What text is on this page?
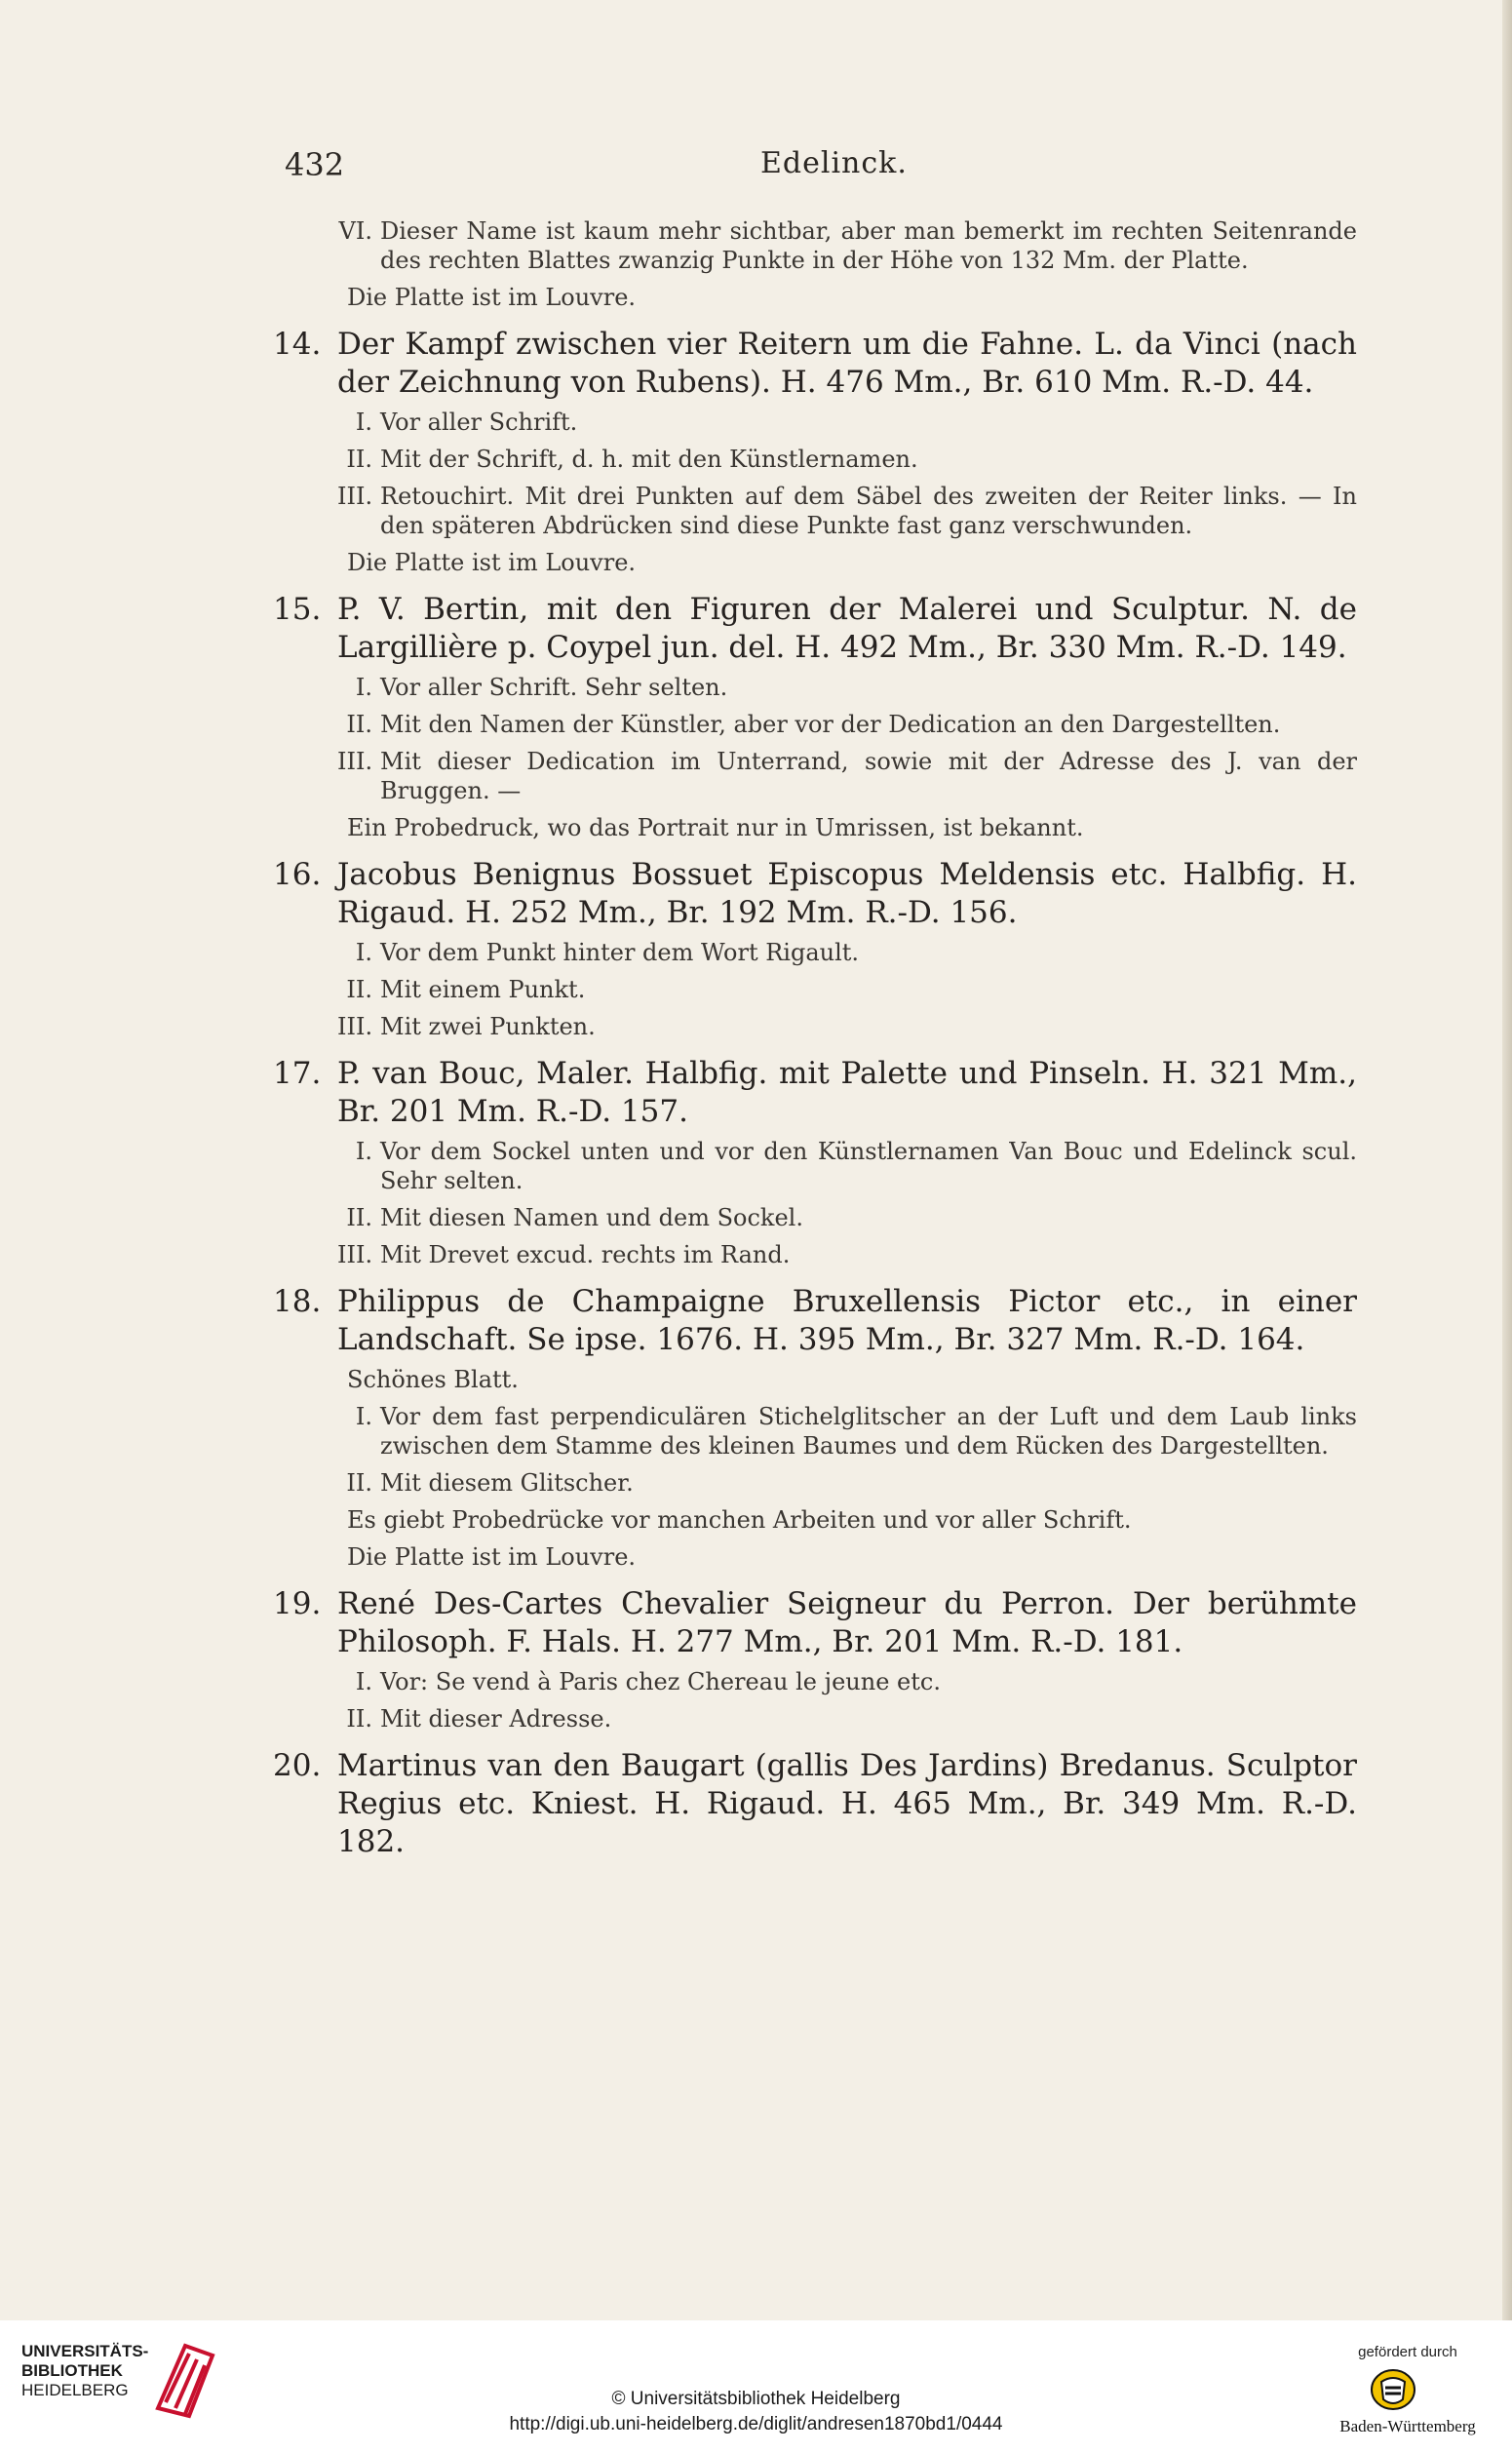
432	Edelinck.

VI. Dieser Name ist kaum mehr sichtbar, aber man bemerkt im rechten Seitenrande des rechten Blattes zwanzig Punkte in der Höhe von 132 Mm. der Platte.

Die Platte ist im Louvre.

14. Der Kampf zwischen vier Reitern um die Fahne. L. da Vinci (nach der Zeichnung von Rubens). H. 476 Mm., Br. 610 Mm. R.-D. 44.

I. Vor aller Schrift.

II. Mit der Schrift, d. h. mit den Künstlernamen.

III. Retouchirt. Mit drei Punkten auf dem Säbel des zweiten der Reiter links. — In den späteren Abdrücken sind diese Punkte fast ganz verschwunden.

Die Platte ist im Louvre.

15. P. V. Bertin, mit den Figuren der Malerei und Sculptur. N. de Largillière p. Coypel jun. del. H. 492 Mm., Br. 330 Mm. R.-D. 149.

I. Vor aller Schrift. Sehr selten.

II. Mit den Namen der Künstler, aber vor der Dedication an den Dargestellten.

III. Mit dieser Dedication im Unterrand, sowie mit der Adresse des J. van der Bruggen. —

Ein Probedruck, wo das Portrait nur in Umrissen, ist bekannt.

16. Jacobus Benignus Bossuet Episcopus Meldensis etc. Halbfig. H. Rigaud. H. 252 Mm., Br. 192 Mm. R.-D. 156.

I. Vor dem Punkt hinter dem Wort Rigault.

II. Mit einem Punkt.

III. Mit zwei Punkten.

17. P. van Bouc, Maler. Halbfig. mit Palette und Pinseln. H. 321 Mm., Br. 201 Mm. R.-D. 157.

I. Vor dem Sockel unten und vor den Künstlernamen Van Bouc und Edelinck scul. Sehr selten.

II. Mit diesen Namen und dem Sockel.

III. Mit Drevet excud. rechts im Rand.

18. Philippus de Champaigne Bruxellensis Pictor etc., in einer Landschaft. Se ipse. 1676. H. 395 Mm., Br. 327 Mm. R.-D. 164.

Schönes Blatt.

I. Vor dem fast perpendiculären Stichelglitscher an der Luft und dem Laub links zwischen dem Stamme des kleinen Baumes und dem Rücken des Dargestellten.

II. Mit diesem Glitscher.

Es giebt Probedrücke vor manchen Arbeiten und vor aller Schrift.

Die Platte ist im Louvre.

19. René Des-Cartes Chevalier Seigneur du Perron. Der berühmte Philosoph. F. Hals. H. 277 Mm., Br. 201 Mm. R.-D. 181.

I. Vor: Se vend à Paris chez Chereau le jeune etc.

II. Mit dieser Adresse.

20. Martinus van den Baugart (gallis Des Jardins) Bredanus. Sculptor Regius etc. Kniest. H. Rigaud. H. 465 Mm., Br. 349 Mm. R.-D. 182.

UNIVERSITÄTS-
BIBLIOTHEK
HEIDELBERG	© Universitätsbibliothek Heidelberg
http://digi.ub.uni-heidelberg.de/diglit/andresen1870bd1/0444
gefördert durch
Baden-Württemberg
